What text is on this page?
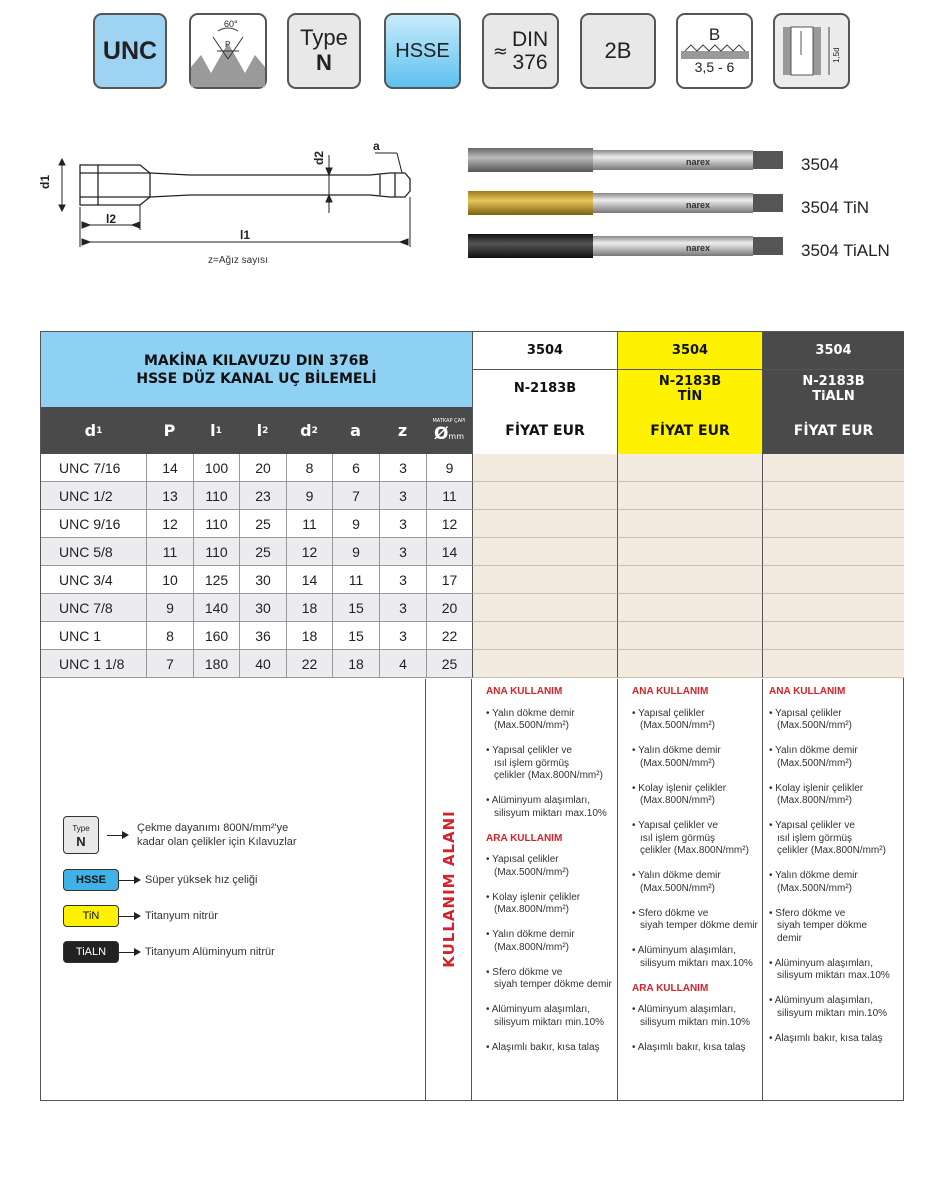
UNC
60°
P	Type
N	HSSE ≈ DIN
376	2B
B
3,5 - 6
1,5d
d1
d2
l2
l1
a
z=Ağız sayısı
narex
narex
narex
3504
3504 TiN
3504 TiALN
MAKİNA KILAVUZU DIN 376B
HSSE DÜZ KANAL UÇ BİLEMELİ
3504
N-2183B
FİYAT EUR
3504
N-2183B
TİN
FİYAT EUR
3504
N-2183B
TiALN
FİYAT EUR
d 1	P	l 1	l 2	d 2	a	z
MATKAP ÇAPI
Ø mm
UNC 7/16	14	100	20	8	6	3	9
UNC 1/2	13	110	23	9	7	3	11
UNC 9/16	12	110	25	11	9	3	12
UNC 5/8	11	110	25	12	9	3	14
UNC 3/4	10	125	30	14	11	3	17
UNC 7/8	9	140	30	18	15	3	20
UNC 1	8	160	36	18	15	3	22
UNC 1 1/8	7	180	40	22	18	4	25
Type
N
Çekme dayanımı 800N/mm²'ye
kadar olan çelikler için Kılavuzlar
HSSE	Süper yüksek hız çeliği
TiN	Titanyum nitrür
TiALN	Titanyum Alüminyum nitrür	KULLANIM ALANI
ANA KULLANIM
• Yalın dökme demir
(Max.500N/mm²)
• Yapısal çelikler ve
ısıl işlem görmüş
çelikler (Max.800N/mm²)
• Alüminyum alaşımları,
silisyum miktarı max.10%
ARA KULLANIM
• Yapısal çelikler
(Max.500N/mm²)
• Kolay işlenir çelikler
(Max.800N/mm²)
• Yalın dökme demir
(Max.800N/mm²)
• Sfero dökme ve
siyah temper dökme demir
• Alüminyum alaşımları,
silisyum miktarı min.10%
• Alaşımlı bakır, kısa talaş
ANA KULLANIM
• Yapısal çelikler
(Max.500N/mm²)
• Yalın dökme demir
(Max.500N/mm²)
• Kolay işlenir çelikler
(Max.800N/mm²)
• Yapısal çelikler ve
ısıl işlem görmüş
çelikler (Max.800N/mm²)
• Yalın dökme demir
(Max.500N/mm²)
• Sfero dökme ve
siyah temper dökme demir
• Alüminyum alaşımları,
silisyum miktarı max.10%
ARA KULLANIM
• Alüminyum alaşımları,
silisyum miktarı min.10%
• Alaşımlı bakır, kısa talaş
ANA KULLANIM
• Yapısal çelikler
(Max.500N/mm²)
• Yalın dökme demir
(Max.500N/mm²)
• Kolay işlenir çelikler
(Max.800N/mm²)
• Yapısal çelikler ve
ısıl işlem görmüş
çelikler (Max.800N/mm²)
• Yalın dökme demir
(Max.500N/mm²)
• Sfero dökme ve
siyah temper dökme
demir
• Alüminyum alaşımları,
silisyum miktarı max.10%
• Alüminyum alaşımları,
silisyum miktarı min.10%
• Alaşımlı bakır, kısa talaş
